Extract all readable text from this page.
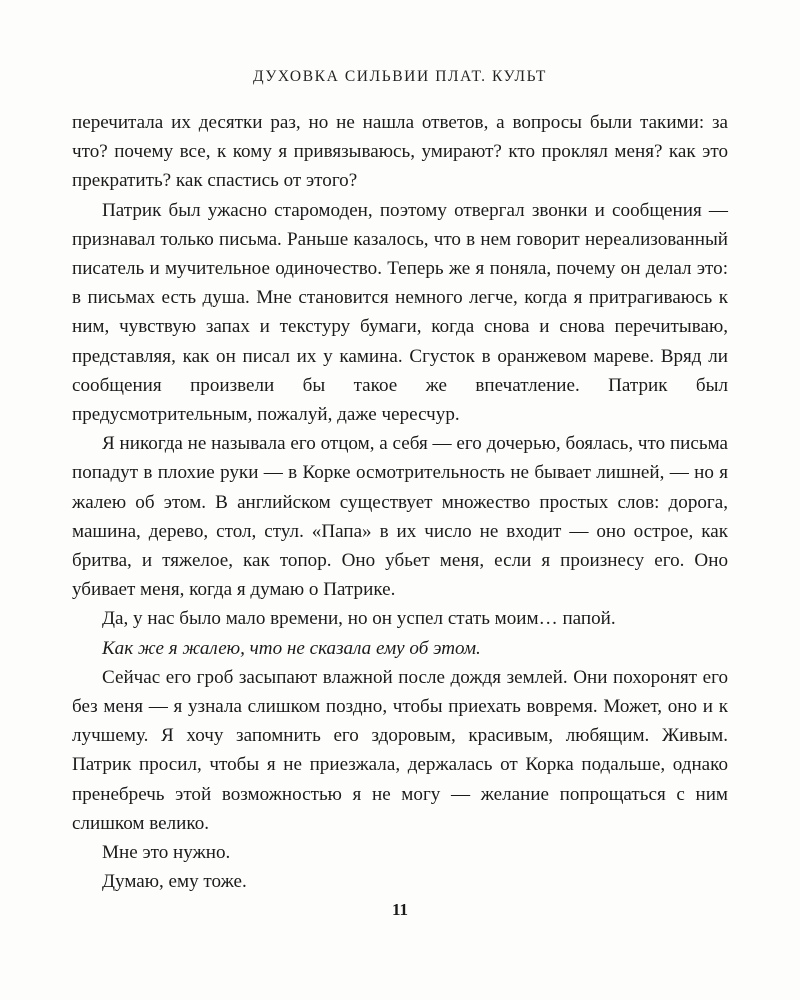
ДУХОВКА СИЛЬВИИ ПЛАТ. КУЛЬТ

перечитала их десятки раз, но не нашла ответов, а вопросы были такими: за что? почему все, к кому я привязываюсь, умирают? кто проклял меня? как это прекратить? как спастись от этого?

Патрик был ужасно старомоден, поэтому отвергал звонки и сообщения — признавал только письма. Раньше казалось, что в нем говорит нереализованный писатель и мучительное одиночество. Теперь же я поняла, почему он делал это: в письмах есть душа. Мне становится немного легче, когда я притрагиваюсь к ним, чувствую запах и текстуру бумаги, когда снова и снова перечитываю, представляя, как он писал их у камина. Сгусток в оранжевом мареве. Вряд ли сообщения произвели бы такое же впечатление. Патрик был предусмотрительным, пожалуй, даже чересчур.

Я никогда не называла его отцом, а себя — его дочерью, боялась, что письма попадут в плохие руки — в Корке осмотрительность не бывает лишней, — но я жалею об этом. В английском существует множество простых слов: дорога, машина, дерево, стол, стул. «Папа» в их число не входит — оно острое, как бритва, и тяжелое, как топор. Оно убьет меня, если я произнесу его. Оно убивает меня, когда я думаю о Патрике.

Да, у нас было мало времени, но он успел стать моим… папой.

Как же я жалею, что не сказала ему об этом.

Сейчас его гроб засыпают влажной после дождя землей. Они похоронят его без меня — я узнала слишком поздно, чтобы приехать вовремя. Может, оно и к лучшему. Я хочу запомнить его здоровым, красивым, любящим. Живым. Патрик просил, чтобы я не приезжала, держалась от Корка подальше, однако пренебречь этой возможностью я не могу — желание попрощаться с ним слишком велико.

Мне это нужно.

Думаю, ему тоже.

11
